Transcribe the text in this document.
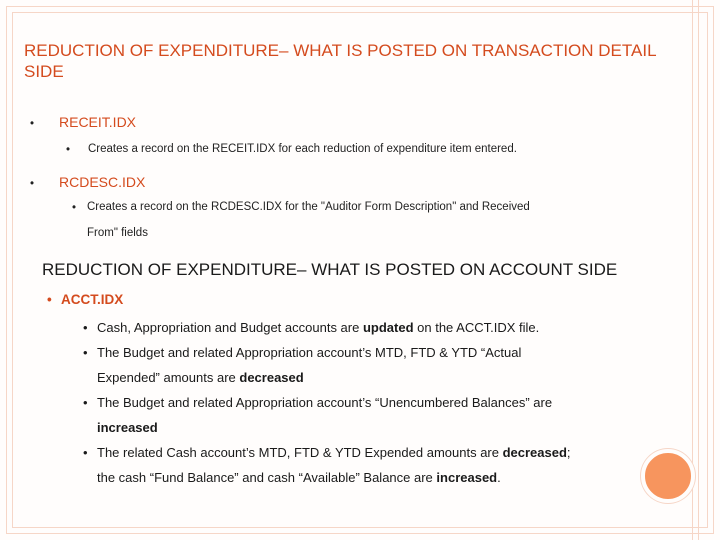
REDUCTION OF EXPENDITURE– WHAT IS POSTED ON TRANSACTION DETAIL SIDE
• RECEIT.IDX
• Creates a record on the RECEIT.IDX for each reduction of expenditure item entered.
• RCDESC.IDX
• Creates a record on the RCDESC.IDX for the "Auditor Form Description" and Received
From" fields
REDUCTION OF EXPENDITURE– WHAT IS POSTED ON ACCOUNT SIDE
• ACCT.IDX
• Cash, Appropriation and Budget accounts are updated on the ACCT.IDX file.
• The Budget and related Appropriation account’s MTD, FTD & YTD “Actual
Expended” amounts are decreased
• The Budget and related Appropriation account’s “Unencumbered Balances” are
increased
• The related Cash account’s MTD, FTD & YTD Expended amounts are decreased;
the cash “Fund Balance” and cash “Available” Balance are increased.
